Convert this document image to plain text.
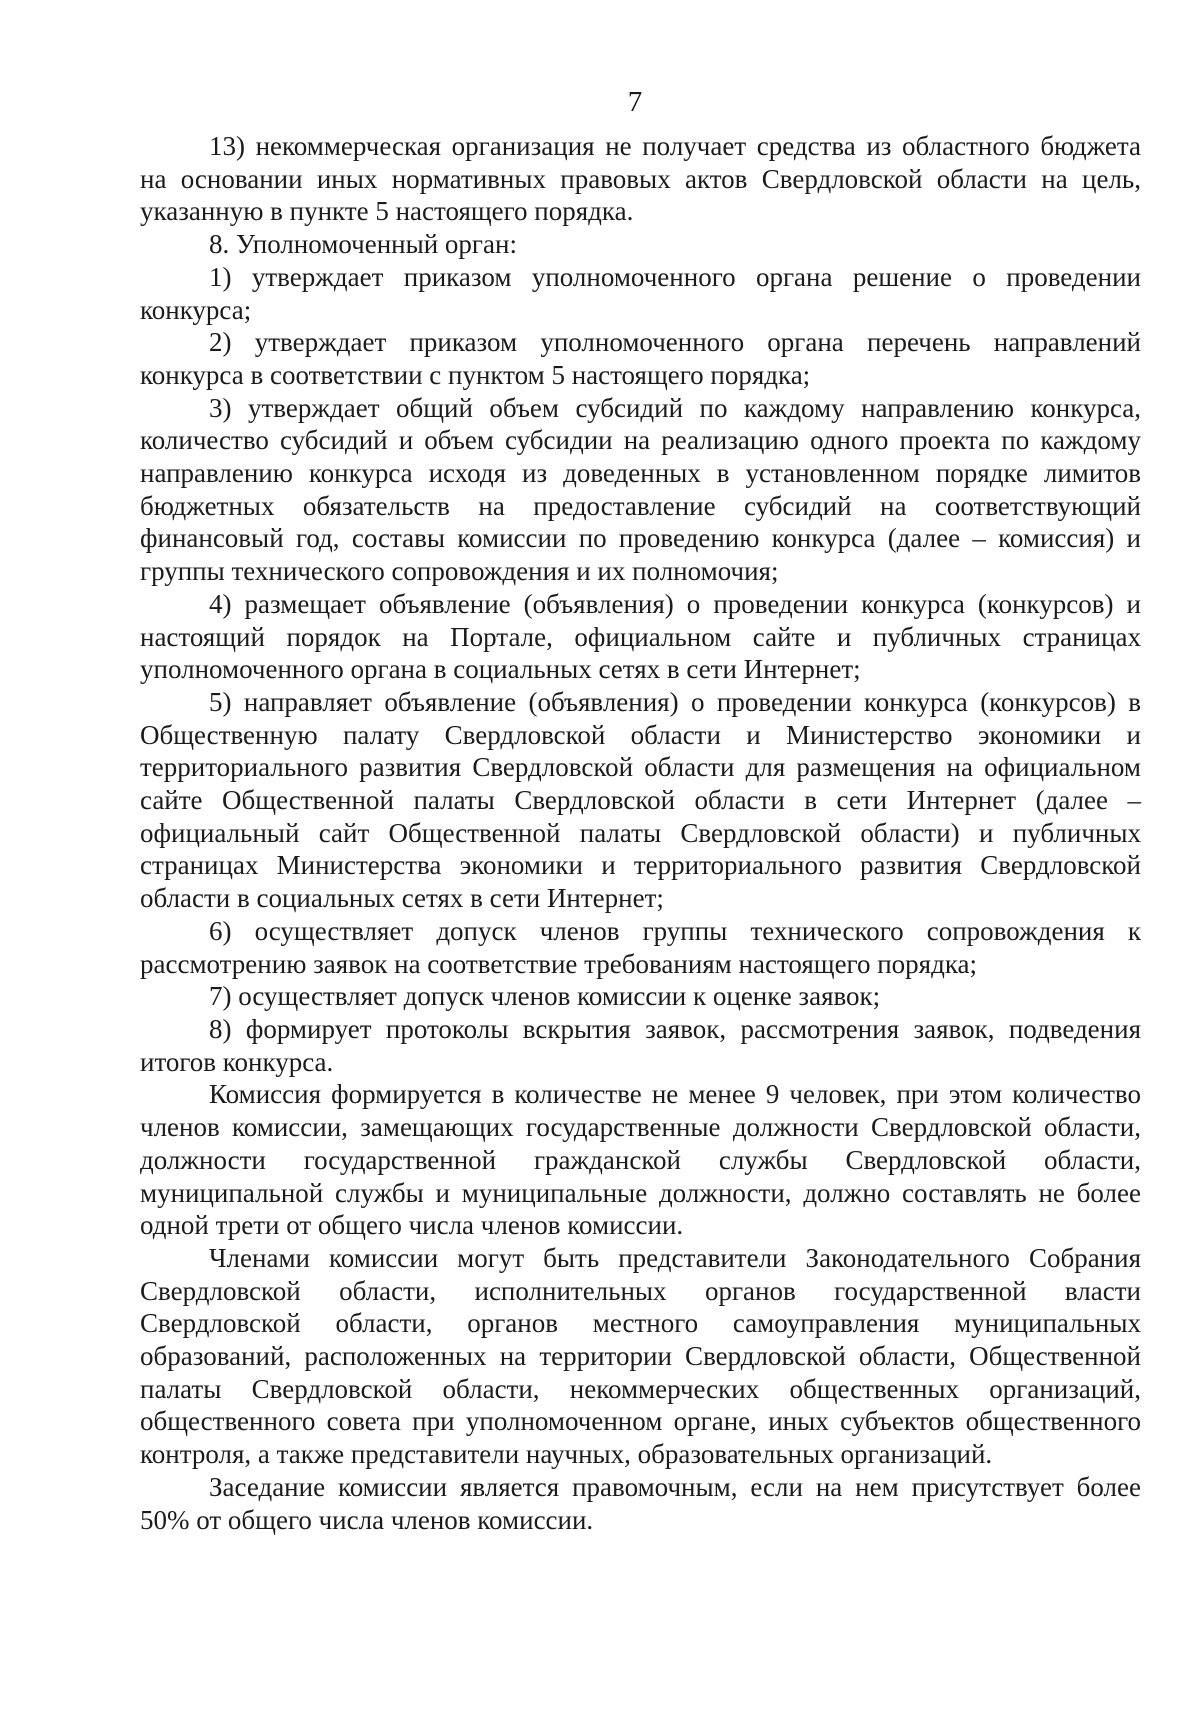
7

13) некоммерческая организация не получает средства из областного бюджета на основании иных нормативных правовых актов Свердловской области на цель, указанную в пункте 5 настоящего порядка.

8. Уполномоченный орган:

1) утверждает приказом уполномоченного органа решение о проведении конкурса;

2) утверждает приказом уполномоченного органа перечень направлений конкурса в соответствии с пунктом 5 настоящего порядка;

3) утверждает общий объем субсидий по каждому направлению конкурса, количество субсидий и объем субсидии на реализацию одного проекта по каждому направлению конкурса исходя из доведенных в установленном порядке лимитов бюджетных обязательств на предоставление субсидий на соответствующий финансовый год, составы комиссии по проведению конкурса (далее – комиссия) и группы технического сопровождения и их полномочия;

4) размещает объявление (объявления) о проведении конкурса (конкурсов) и настоящий порядок на Портале, официальном сайте и публичных страницах уполномоченного органа в социальных сетях в сети Интернет;

5) направляет объявление (объявления) о проведении конкурса (конкурсов) в Общественную палату Свердловской области и Министерство экономики и территориального развития Свердловской области для размещения на официальном сайте Общественной палаты Свердловской области в сети Интернет (далее – официальный сайт Общественной палаты Свердловской области) и публичных страницах Министерства экономики и территориального развития Свердловской области в социальных сетях в сети Интернет;

6) осуществляет допуск членов группы технического сопровождения к рассмотрению заявок на соответствие требованиям настоящего порядка;

7) осуществляет допуск членов комиссии к оценке заявок;

8) формирует протоколы вскрытия заявок, рассмотрения заявок, подведения итогов конкурса.

Комиссия формируется в количестве не менее 9 человек, при этом количество членов комиссии, замещающих государственные должности Свердловской области, должности государственной гражданской службы Свердловской области, муниципальной службы и муниципальные должности, должно составлять не более одной трети от общего числа членов комиссии.

Членами комиссии могут быть представители Законодательного Собрания Свердловской области, исполнительных органов государственной власти Свердловской области, органов местного самоуправления муниципальных образований, расположенных на территории Свердловской области, Общественной палаты Свердловской области, некоммерческих общественных организаций, общественного совета при уполномоченном органе, иных субъектов общественного контроля, а также представители научных, образовательных организаций.

Заседание комиссии является правомочным, если на нем присутствует более 50% от общего числа членов комиссии.
